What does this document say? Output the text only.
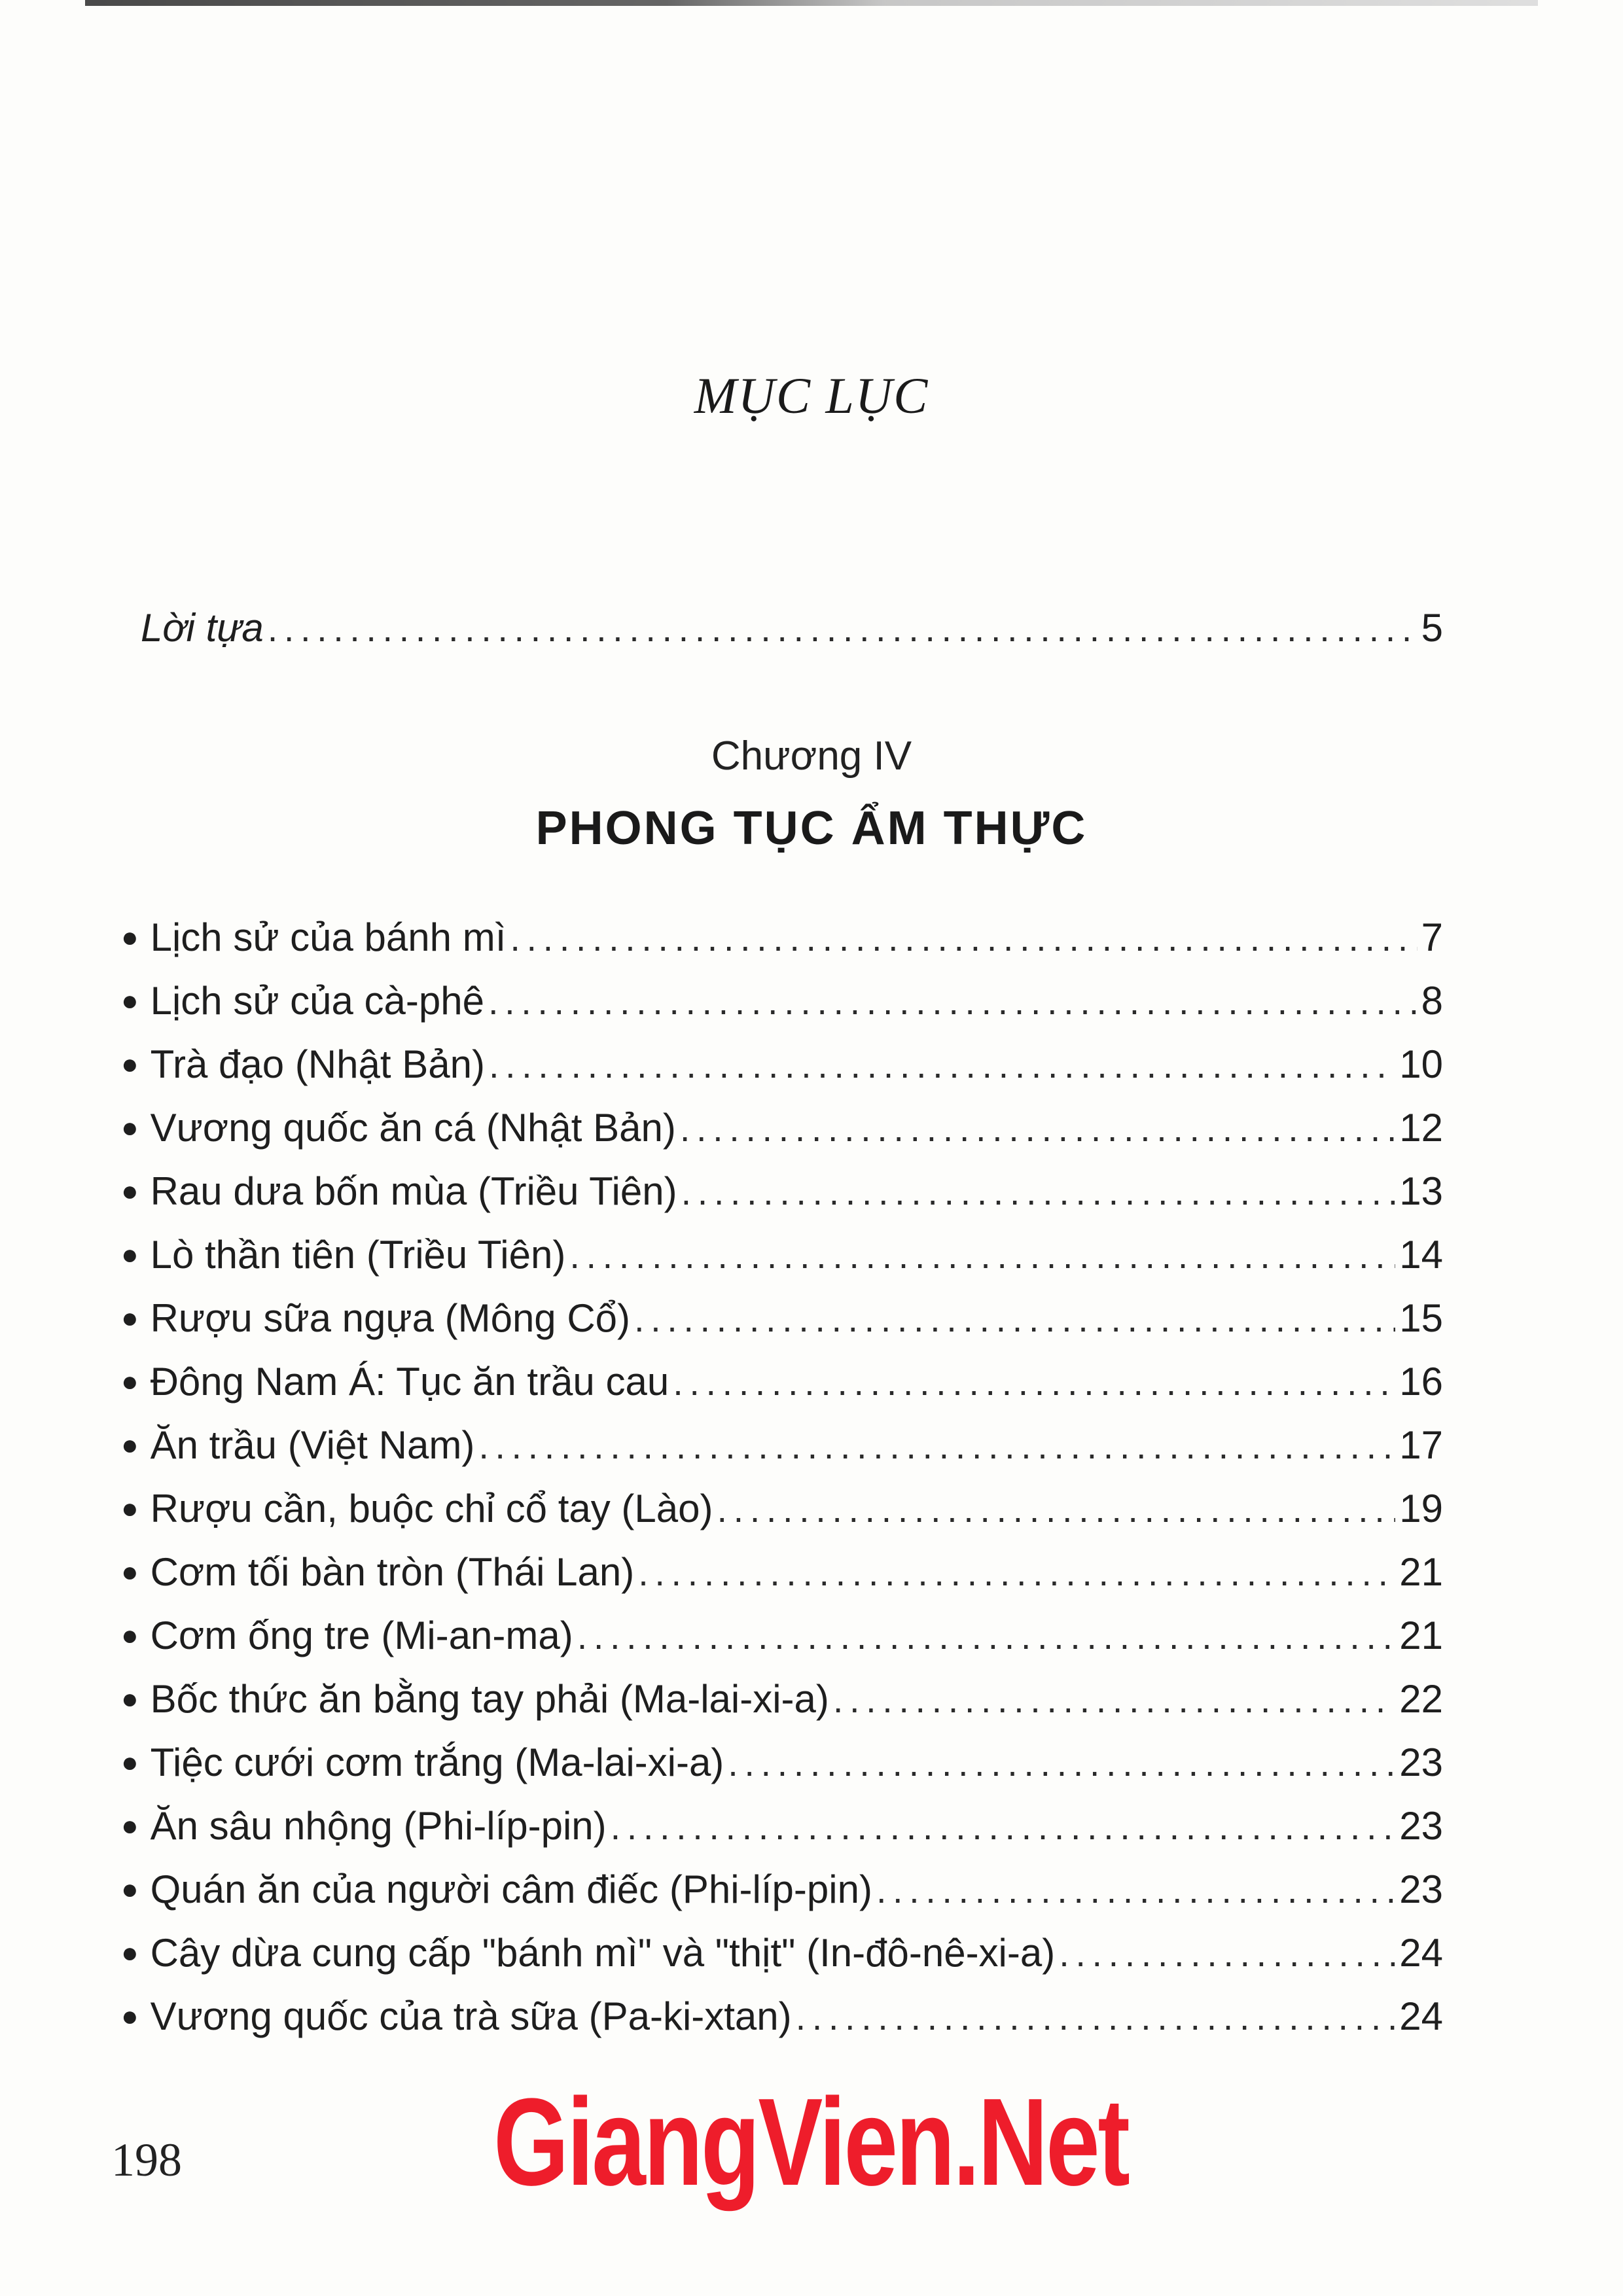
MỤC LỤC
Lời tựa . . .	5
Chương IV
PHONG TỤC ẨM THỰC
● Lịch sử của bánh mì . . .	7
● Lịch sử của cà-phê . . .	8
● Trà đạo (Nhật Bản) . . .	10
● Vương quốc ăn cá (Nhật Bản) . . .	12
● Rau dưa bốn mùa (Triều Tiên) . . .	13
● Lò thần tiên (Triều Tiên) . . .	14
● Rượu sữa ngựa (Mông Cổ) . . .	15
● Đông Nam Á: Tục ăn trầu cau . . .	16
● Ăn trầu (Việt Nam) . . .	17
● Rượu cần, buộc chỉ cổ tay (Lào) . . .	19
● Cơm tối bàn tròn (Thái Lan) . . .	21
● Cơm ống tre (Mi-an-ma) . . .	21
● Bốc thức ăn bằng tay phải (Ma-lai-xi-a) . . .	22
● Tiệc cưới cơm trắng (Ma-lai-xi-a) . . .	23
● Ăn sâu nhộng (Phi-líp-pin) . . .	23
● Quán ăn của người câm điếc (Phi-líp-pin) . . .	23
● Cây dừa cung cấp "bánh mì" và "thịt" (In-đô-nê-xi-a) . . .	24
● Vương quốc của trà sữa (Pa-ki-xtan) . . .	24
GiangVien.Net
198
